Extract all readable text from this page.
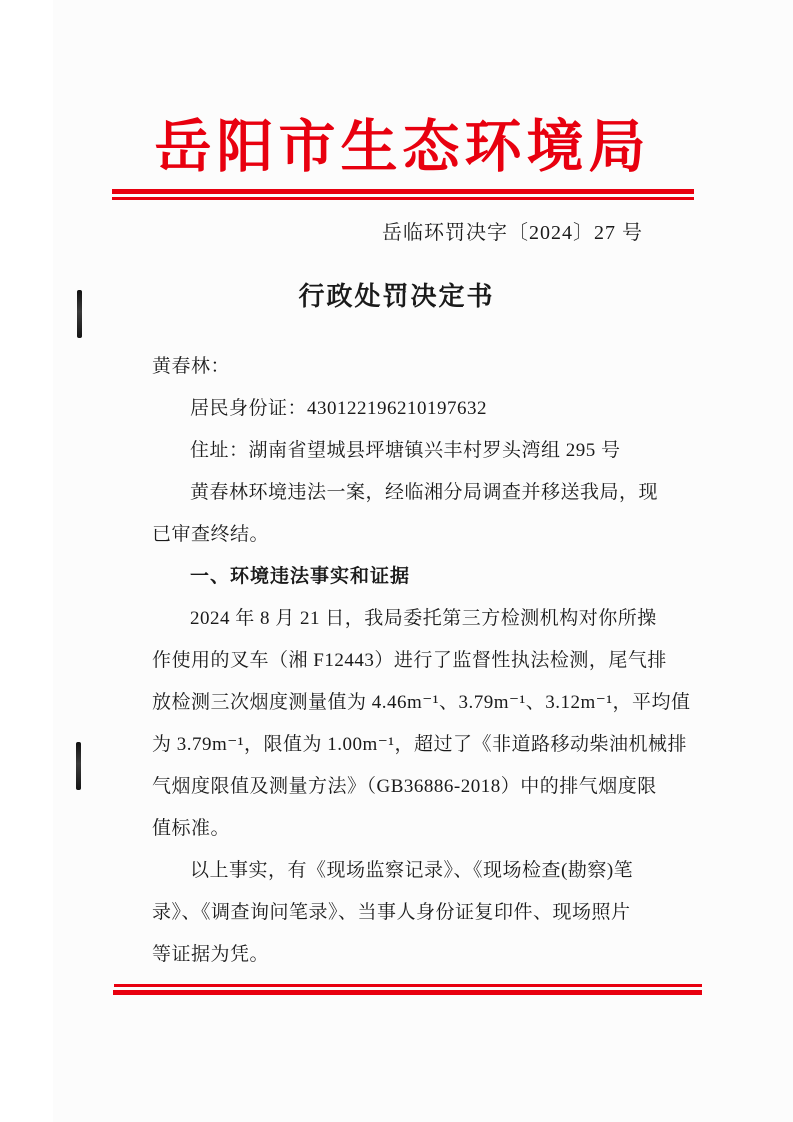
岳阳市生态环境局
岳临环罚决字〔2024〕27 号
行政处罚决定书
黄春林：
居民身份证：430122196210197632
住址：湖南省望城县坪塘镇兴丰村罗头湾组 295 号
黄春林环境违法一案，经临湘分局调查并移送我局，现
已审查终结。
一、环境违法事实和证据
2024 年 8 月 21 日，我局委托第三方检测机构对你所操
作使用的叉车（湘 F12443）进行了监督性执法检测，尾气排
放检测三次烟度测量值为 4.46m⁻¹、3.79m⁻¹、3.12m⁻¹，平均值
为 3.79m⁻¹，限值为 1.00m⁻¹，超过了《非道路移动柴油机械排
气烟度限值及测量方法》（GB36886-2018）中的排气烟度限
值标准。
以上事实，有《现场监察记录》、《现场检查(勘察)笔
录》、《调查询问笔录》、当事人身份证复印件、现场照片
等证据为凭。
